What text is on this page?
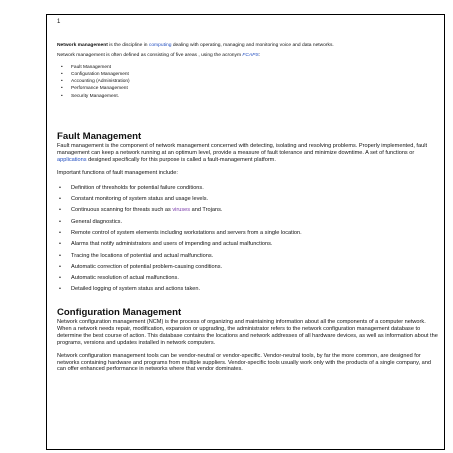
1

Network management is the discipline in computing dealing with operating, managing and monitoring voice and data networks.

Network management is often defined as consisting of five areas , using the acronym FCAPS:

• Fault Management
• Configuration Management
• Accounting (Administration)
• Performance Management
• Security Management.
Fault Management

Fault management is the component of network management concerned with detecting, isolating and resolving problems. Properly implemented, fault management can keep a network running at an optimum level, provide a measure of fault tolerance and minimize downtime. A set of functions or applications designed specifically for this purpose is called a fault-management platform.

Important functions of fault management include:

• Definition of thresholds for potential failure conditions.
• Constant monitoring of system status and usage levels.
• Continuous scanning for threats such as viruses and Trojans.
• General diagnostics.
• Remote control of system elements including workstations and servers from a single location.
• Alarms that notify administrators and users of impending and actual malfunctions.
• Tracing the locations of potential and actual malfunctions.
• Automatic correction of potential problem-causing conditions.
• Automatic resolution of actual malfunctions.
• Detailed logging of system status and actions taken.
Configuration Management

Network configuration management (NCM) is the process of organizing and maintaining information about all the components of a computer network. When a network needs repair, modification, expansion or upgrading, the administrator refers to the network configuration management database to determine the best course of action. This database contains the locations and network addresses of all hardware devices, as well as information about the programs, versions and updates installed in network computers.

Network configuration management tools can be vendor-neutral or vendor-specific. Vendor-neutral tools, by far the more common, are designed for networks containing hardware and programs from multiple suppliers. Vendor-specific tools usually work only with the products of a single company, and can offer enhanced performance in networks where that vendor dominates.
